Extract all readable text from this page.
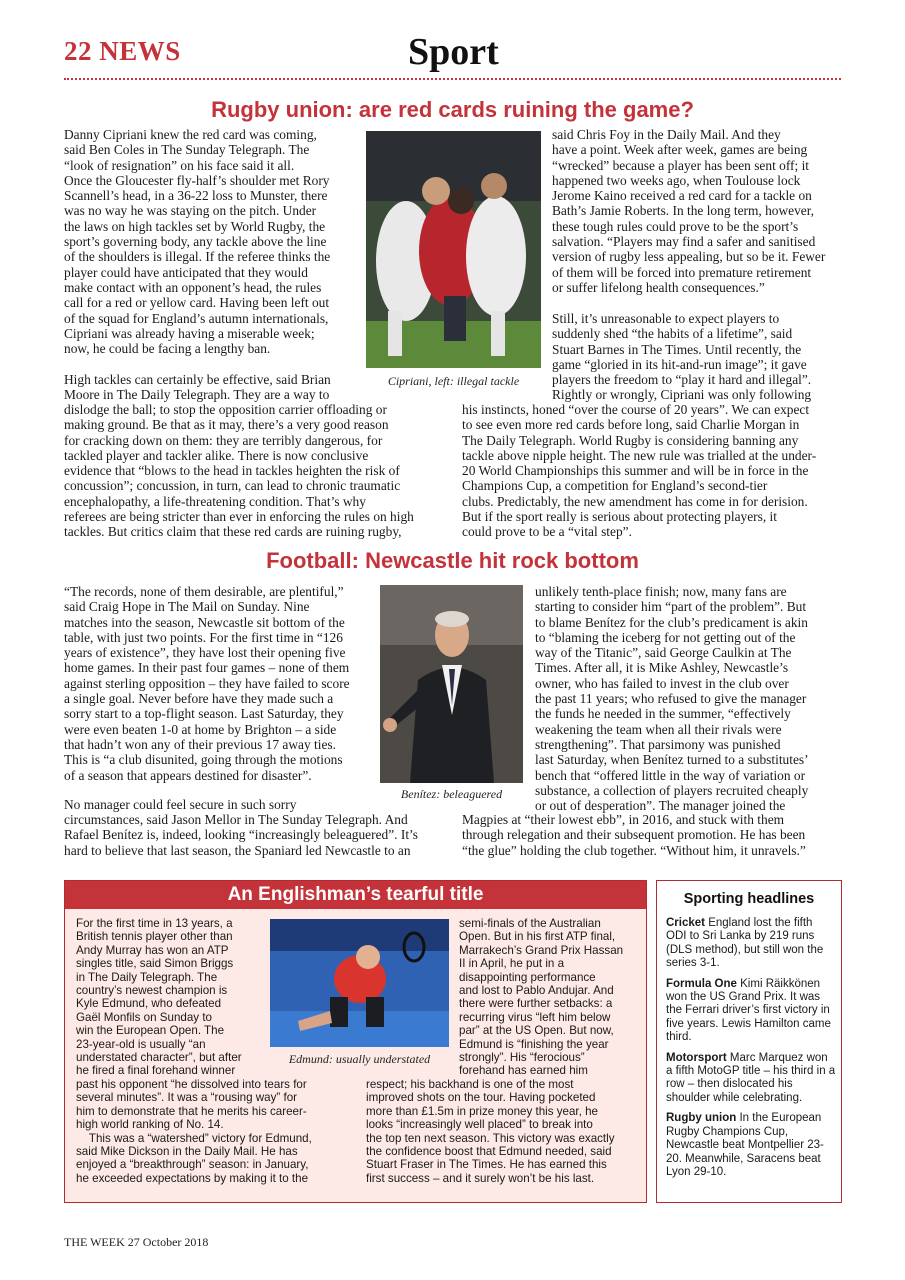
22 NEWS	Sport
Rugby union: are red cards ruining the game?
Danny Cipriani knew the red card was coming,
said Ben Coles in The Sunday Telegraph. The
“look of resignation” on his face said it all.
Once the Gloucester fly-half’s shoulder met Rory
Scannell’s head, in a 36-22 loss to Munster, there
was no way he was staying on the pitch. Under
the laws on high tackles set by World Rugby, the
sport’s governing body, any tackle above the line
of the shoulders is illegal. If the referee thinks the
player could have anticipated that they would
make contact with an opponent’s head, the rules
call for a red or yellow card. Having been left out
of the squad for England’s autumn internationals,
Cipriani was already having a miserable week;
now, he could be facing a lengthy ban.
Cipriani, left: illegal tackle
High tackles can certainly be effective, said Brian
Moore in The Daily Telegraph. They are a way to
dislodge the ball; to stop the opposition carrier offloading or
making ground. Be that as it may, there’s a very good reason
for cracking down on them: they are terribly dangerous, for
tackled player and tackler alike. There is now conclusive
evidence that “blows to the head in tackles heighten the risk of
concussion”; concussion, in turn, can lead to chronic traumatic
encephalopathy, a life-threatening condition. That’s why
referees are being stricter than ever in enforcing the rules on high
tackles. But critics claim that these red cards are ruining rugby,
said Chris Foy in the Daily Mail. And they
have a point. Week after week, games are being
“wrecked” because a player has been sent off; it
happened two weeks ago, when Toulouse lock
Jerome Kaino received a red card for a tackle on
Bath’s Jamie Roberts. In the long term, however,
these tough rules could prove to be the sport’s
salvation. “Players may find a safer and sanitised
version of rugby less appealing, but so be it. Fewer
of them will be forced into premature retirement
or suffer lifelong health consequences.”
Still, it’s unreasonable to expect players to
suddenly shed “the habits of a lifetime”, said
Stuart Barnes in The Times. Until recently, the
game “gloried in its hit-and-run image”; it gave
players the freedom to “play it hard and illegal”.
Rightly or wrongly, Cipriani was only following
his instincts, honed “over the course of 20 years”. We can expect
to see even more red cards before long, said Charlie Morgan in
The Daily Telegraph. World Rugby is considering banning any
tackle above nipple height. The new rule was trialled at the under-
20 World Championships this summer and will be in force in the
Champions Cup, a competition for England’s second-tier
clubs. Predictably, the new amendment has come in for derision.
But if the sport really is serious about protecting players, it
could prove to be a “vital step”.
Football: Newcastle hit rock bottom
“The records, none of them desirable, are plentiful,”
said Craig Hope in The Mail on Sunday. Nine
matches into the season, Newcastle sit bottom of the
table, with just two points. For the first time in “126
years of existence”, they have lost their opening five
home games. In their past four games – none of them
against sterling opposition – they have failed to score
a single goal. Never before have they made such a
sorry start to a top-flight season. Last Saturday, they
were even beaten 1-0 at home by Brighton – a side
that hadn’t won any of their previous 17 away ties.
This is “a club disunited, going through the motions
of a season that appears destined for disaster”.
Benítez: beleaguered
No manager could feel secure in such sorry
circumstances, said Jason Mellor in The Sunday Telegraph. And
Rafael Benítez is, indeed, looking “increasingly beleaguered”. It’s
hard to believe that last season, the Spaniard led Newcastle to an
unlikely tenth-place finish; now, many fans are
starting to consider him “part of the problem”. But
to blame Benítez for the club’s predicament is akin
to “blaming the iceberg for not getting out of the
way of the Titanic”, said George Caulkin at The
Times. After all, it is Mike Ashley, Newcastle’s
owner, who has failed to invest in the club over
the past 11 years; who refused to give the manager
the funds he needed in the summer, “effectively
weakening the team when all their rivals were
strengthening”. That parsimony was punished
last Saturday, when Benítez turned to a substitutes’
bench that “offered little in the way of variation or
substance, a collection of players recruited cheaply
or out of desperation”. The manager joined the
Magpies at “their lowest ebb”, in 2016, and stuck with them
through relegation and their subsequent promotion. He has been
“the glue” holding the club together. “Without him, it unravels.”
An Englishman’s tearful title
For the first time in 13 years, a
British tennis player other than
Andy Murray has won an ATP
singles title, said Simon Briggs
in The Daily Telegraph. The
country’s newest champion is
Kyle Edmund, who defeated
Gaël Monfils on Sunday to
win the European Open. The
23-year-old is usually “an
understated character”, but after
he fired a final forehand winner
Edmund: usually understated
past his opponent “he dissolved into tears for
several minutes”. It was a “rousing way” for
him to demonstrate that he merits his career-
high world ranking of No. 14.
This was a “watershed” victory for Edmund,
said Mike Dickson in the Daily Mail. He has
enjoyed a “breakthrough” season: in January,
he exceeded expectations by making it to the
semi-finals of the Australian
Open. But in his first ATP final,
Marrakech’s Grand Prix Hassan
II in April, he put in a
disappointing performance
and lost to Pablo Andujar. And
there were further setbacks: a
recurring virus “left him below
par” at the US Open. But now,
Edmund is “finishing the year
strongly”. His “ferocious”
forehand has earned him
respect; his backhand is one of the most
improved shots on the tour. Having pocketed
more than £1.5m in prize money this year, he
looks “increasingly well placed” to break into
the top ten next season. This victory was exactly
the confidence boost that Edmund needed, said
Stuart Fraser in The Times. He has earned this
first success – and it surely won’t be his last.
Sporting headlines
Cricket England lost the fifth ODI to Sri Lanka by 219 runs (DLS method), but still won the series 3-1.
Formula One Kimi Räikkönen won the US Grand Prix. It was the Ferrari driver’s first victory in five years. Lewis Hamilton came third.
Motorsport Marc Marquez won a fifth MotoGP title – his third in a row – then dislocated his shoulder while celebrating.
Rugby union In the European Rugby Champions Cup, Newcastle beat Montpellier 23-20. Meanwhile, Saracens beat Lyon 29-10.
THE WEEK 27 October 2018
